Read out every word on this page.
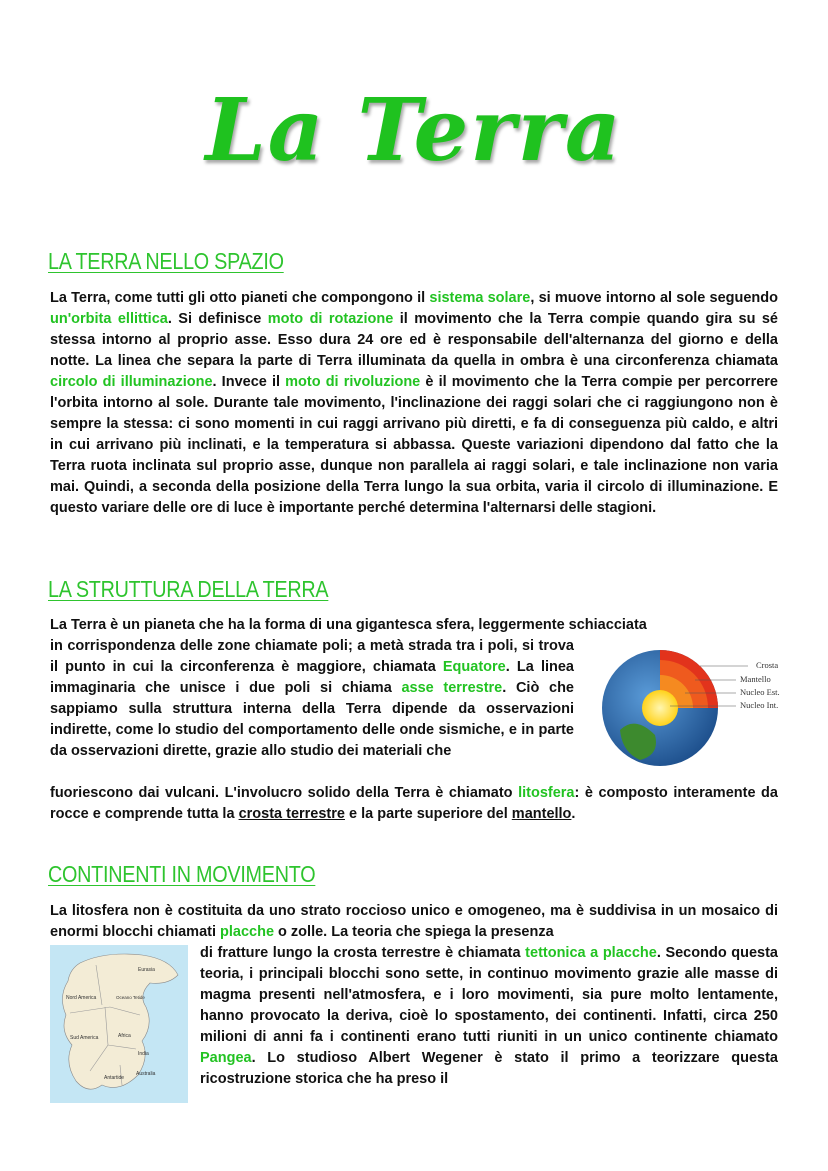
La Terra
LA TERRA NELLO SPAZIO
La Terra, come tutti gli otto pianeti che compongono il sistema solare, si muove intorno al sole seguendo un'orbita ellittica. Si definisce moto di rotazione il movimento che la Terra compie quando gira su sé stessa intorno al proprio asse. Esso dura 24 ore ed è responsabile dell'alternanza del giorno e della notte. La linea che separa la parte di Terra illuminata da quella in ombra è una circonferenza chiamata circolo di illuminazione. Invece il moto di rivoluzione è il movimento che la Terra compie per percorrere l'orbita intorno al sole. Durante tale movimento, l'inclinazione dei raggi solari che ci raggiungono non è sempre la stessa: ci sono momenti in cui raggi arrivano più diretti, e fa di conseguenza più caldo, e altri in cui arrivano più inclinati, e la temperatura si abbassa. Queste variazioni dipendono dal fatto che la Terra ruota inclinata sul proprio asse, dunque non parallela ai raggi solari, e tale inclinazione non varia mai. Quindi, a seconda della posizione della Terra lungo la sua orbita, varia il circolo di illuminazione. E questo variare delle ore di luce è importante perché determina l'alternarsi delle stagioni.
LA STRUTTURA DELLA TERRA
La Terra è un pianeta che ha la forma di una gigantesca sfera, leggermente schiacciata
in corrispondenza delle zone chiamate poli; a metà strada tra i poli, si trova il punto in cui la circonferenza è maggiore, chiamata Equatore. La linea immaginaria che unisce i due poli si chiama asse terrestre. Ciò che sappiamo sulla struttura interna della Terra dipende da osservazioni indirette, come lo studio del comportamento delle onde sismiche, e in parte da osservazioni dirette, grazie allo studio dei materiali che
Crosta
Mantello
Nucleo Est.
Nucleo Int.
fuoriescono dai vulcani. L'involucro solido della Terra è chiamato litosfera: è composto interamente da rocce e comprende tutta la crosta terrestre e la parte superiore del mantello.
CONTINENTI IN MOVIMENTO
La litosfera non è costituita da uno strato roccioso unico e omogeneo, ma è suddivisa in un mosaico di enormi blocchi chiamati placche o zolle. La teoria che spiega la presenza
Eurasia
Nord America	Oceano Tetide
Sud America	Africa
India
Antartide
Australia
di fratture lungo la crosta terrestre è chiamata tettonica a placche. Secondo questa teoria, i principali blocchi sono sette, in continuo movimento grazie alle masse di magma presenti nell'atmosfera, e i loro movimenti, sia pure molto lentamente, hanno provocato la deriva, cioè lo spostamento, dei continenti. Infatti, circa 250 milioni di anni fa i continenti erano tutti riuniti in un unico continente chiamato Pangea. Lo studioso Albert Wegener è stato il primo a teorizzare questa ricostruzione storica che ha preso il
